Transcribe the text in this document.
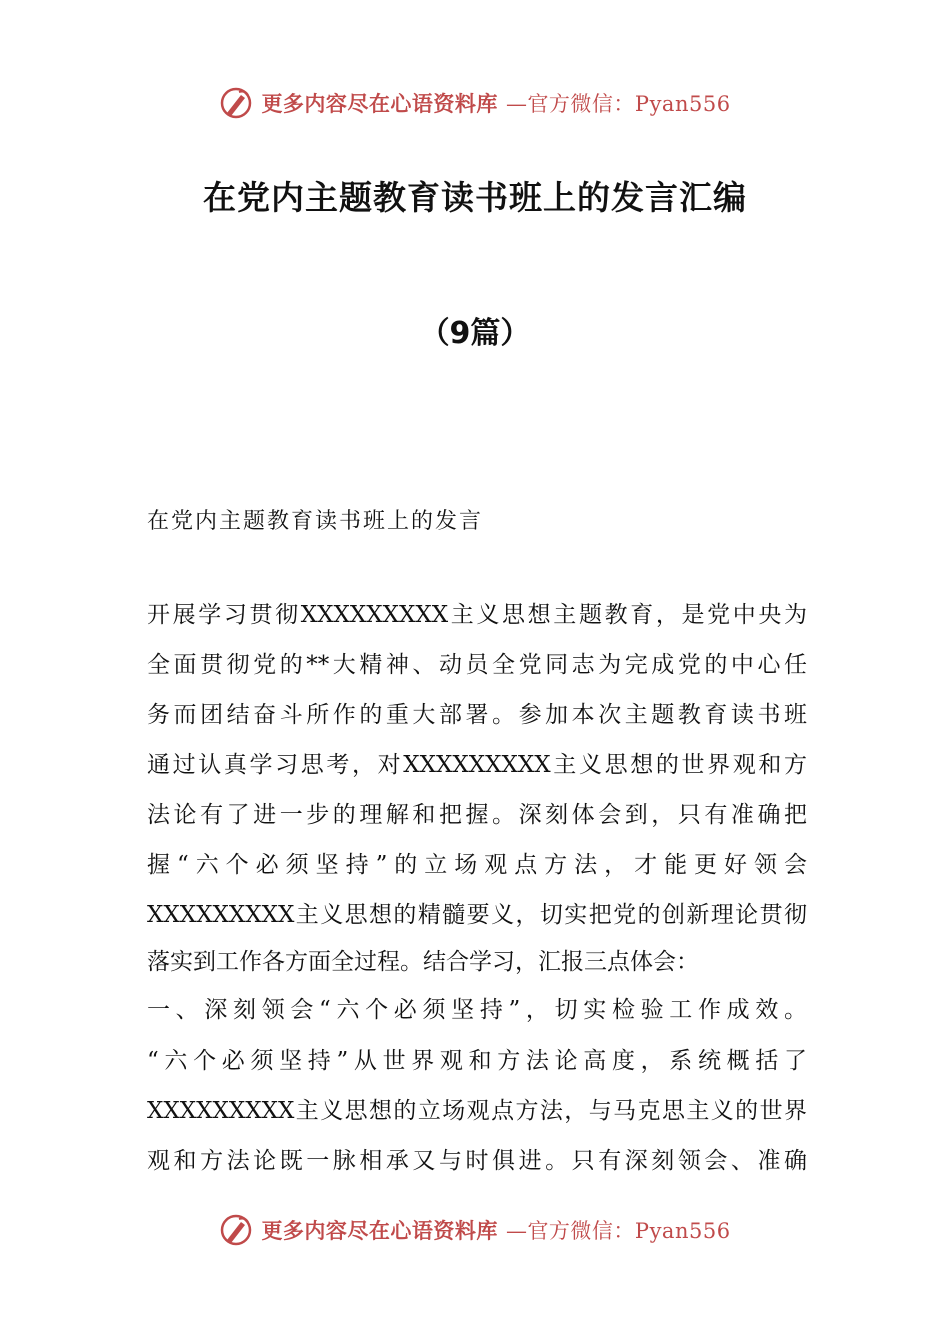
更多内容尽在心语资料库 —官方微信：Pyan556
在党内主题教育读书班上的发言汇编
（9篇）
在党内主题教育读书班上的发言
开展学习贯彻XXXXXXXXX主义思想主题教育，是党中央为
全面贯彻党的**大精神、动员全党同志为完成党的中心任
务而团结奋斗所作的重大部署。参加本次主题教育读书班
通过认真学习思考，对XXXXXXXXX主义思想的世界观和方
法论有了进一步的理解和把握。深刻体会到，只有准确把
握“六个必须坚持”的立场观点方法，才能更好领会
XXXXXXXXX主义思想的精髓要义，切实把党的创新理论贯彻
落实到工作各方面全过程。结合学习，汇报三点体会：
一、深刻领会“六个必须坚持”，切实检验工作成效。
“六个必须坚持”从世界观和方法论高度，系统概括了
XXXXXXXXX主义思想的立场观点方法，与马克思主义的世界
观和方法论既一脉相承又与时俱进。只有深刻领会、准确
更多内容尽在心语资料库 —官方微信：Pyan556
